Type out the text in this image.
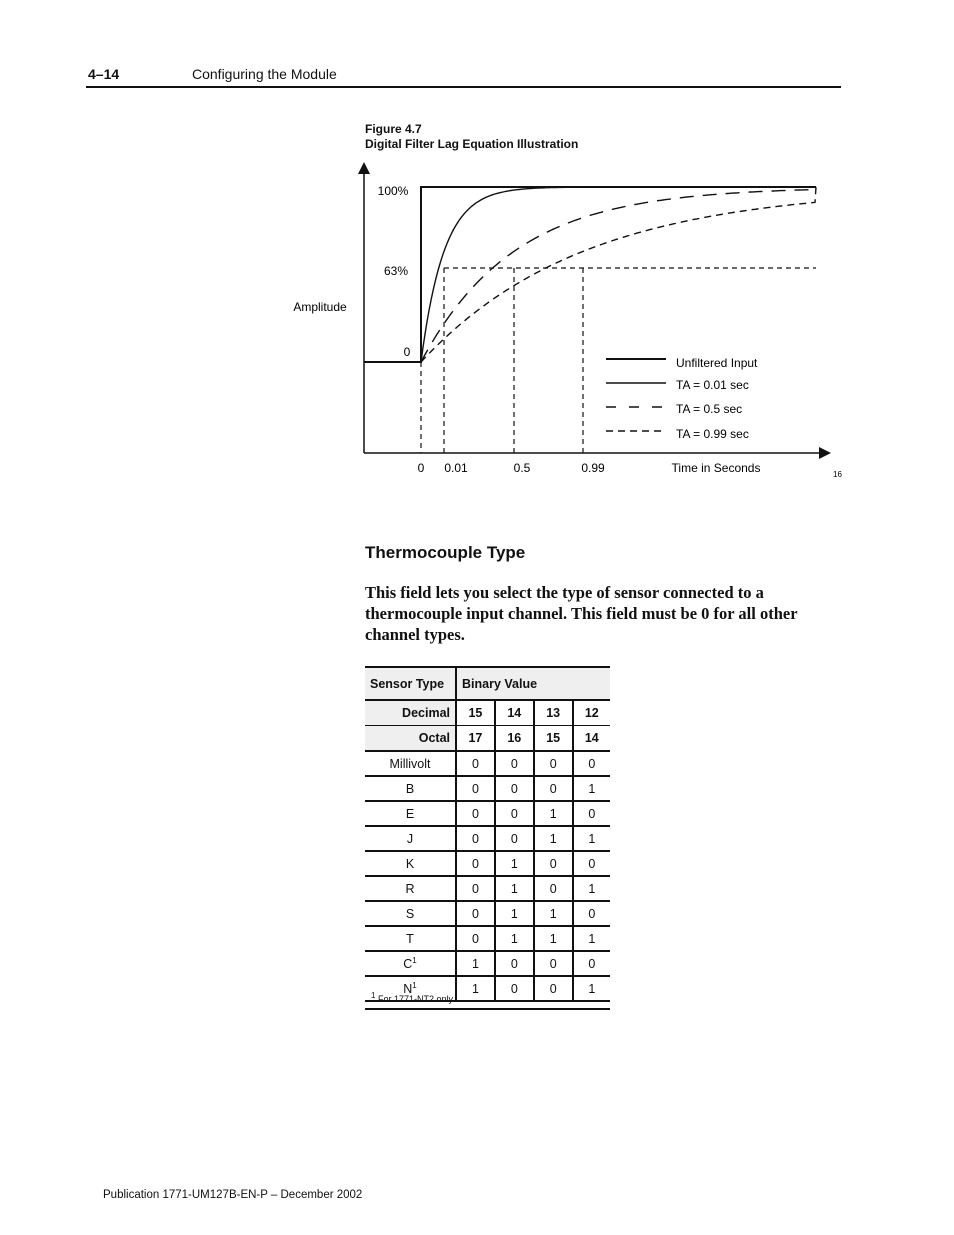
4–14	Configuring the Module
Figure 4.7
Digital Filter Lag Equation Illustration
100%
63%
0
Amplitude
0 0.01	0.5	0.99	Time in Seconds	16
Unfiltered Input
TA = 0.01 sec
TA = 0.5 sec
TA = 0.99 sec
Thermocouple Type
This field lets you select the type of sensor connected to a thermocouple input channel. This field must be 0 for all other channel types.
Sensor Type	Binary Value			
Decimal	15	14	13	12
Octal	17	16	15	14
Millivolt	0	0	0	0
B	0	0	0	1
E	0	0	1	0
J	0	0	1	1
K	0	1	0	0
R	0	1	0	1
S	0	1	1	0
T	0	1	1	1
$C^1$	1	0	0	0
$N^1$	1	0	0	1
$^1$ For 1771-NT2 only.
Publication 1771-UM127B-EN-P – December 2002
